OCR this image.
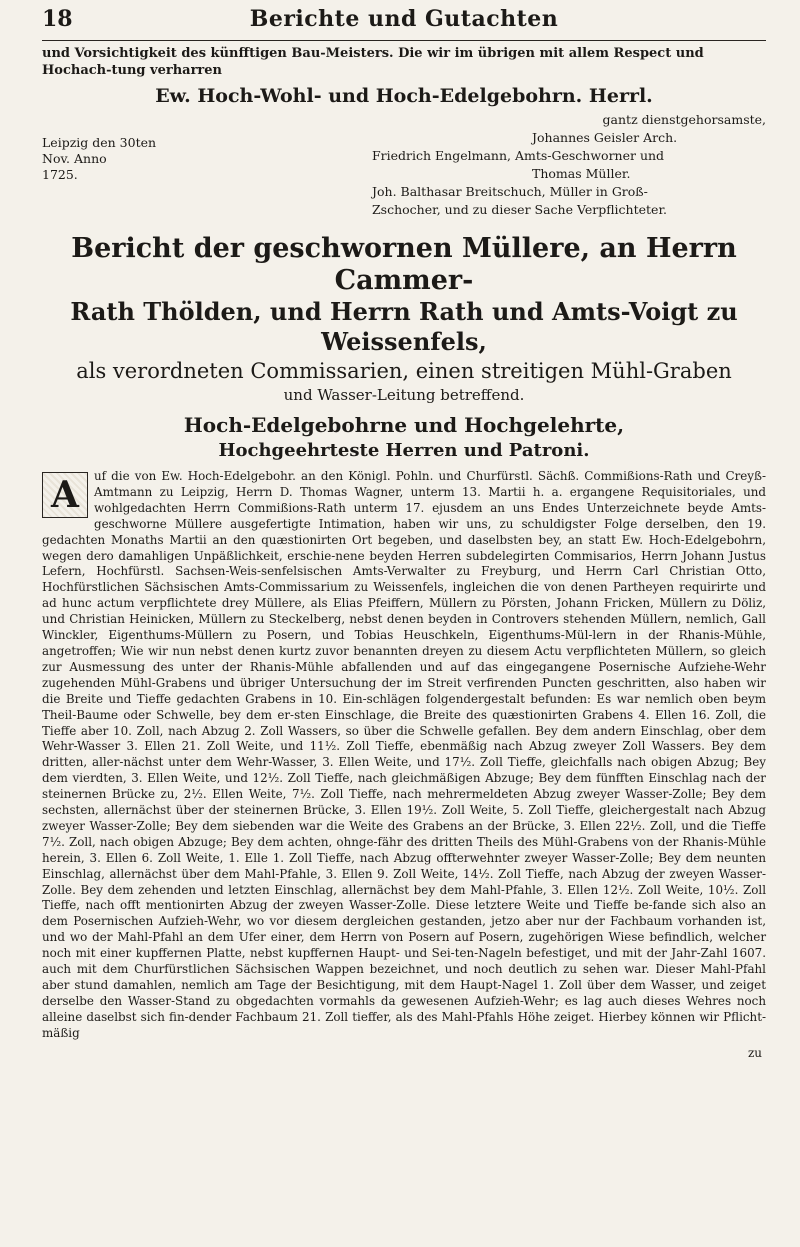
18	Berichte und Gutachten
und Vorsichtigkeit des künfftigen Bau-Meisters. Die wir im übrigen mit allem Respect und Hochach-tung verharren
Ew. Hoch-Wohl- und Hoch-Edelgebohrn. Herrl.
Leipzig den 30ten
Nov. Anno
1725.
gantz dienstgehorsamste,
Johannes Geisler Arch.
Friedrich Engelmann, Amts-Geschworner und
Thomas Müller.
Joh. Balthasar Breitschuch, Müller in Groß-
Zschocher, und zu dieser Sache Verpflichteter.
Bericht der geschwornen Müllere, an Herrn Cammer-
Rath Thölden, und Herrn Rath und Amts-Voigt zu Weissenfels,
als verordneten Commissarien, einen streitigen Mühl-Graben
und Wasser-Leitung betreffend.
Hoch-Edelgebohrne und Hochgelehrte,
Hochgeehrteste Herren und Patroni.
A	uf die von Ew. Hoch-Edelgebohr. an den Königl. Pohln. und Churfürstl. Sächß. Commißions-Rath und Creyß-Amtmann zu Leipzig, Herrn D. Thomas Wagner, unterm 13. Martii h. a. ergangene Requisitoriales, und wohlgedachten Herrn Commißions-Rath unterm 17. ejusdem an uns Endes Unterzeichnete beyde Amts-geschworne Müllere ausgefertigte Intimation, haben wir uns, zu schuldigster Folge derselben, den 19. gedachten Monaths Martii an den quæstionirten Ort begeben, und daselbsten bey, an statt Ew. Hoch-Edelgebohrn, wegen dero damahligen Unpäßlichkeit, erschie-nene beyden Herren subdelegirten Commisarios, Herrn Johann Justus Lefern, Hochfürstl. Sachsen-Weis-senfelsischen Amts-Verwalter zu Freyburg, und Herrn Carl Christian Otto, Hochfürstlichen Sächsischen Amts-Commissarium zu Weissenfels, ingleichen die von denen Partheyen requirirte und ad hunc actum verpflichtete drey Müllere, als Elias Pfeiffern, Müllern zu Pörsten, Johann Fricken, Müllern zu Döliz, und Christian Heinicken, Müllern zu Steckelberg, nebst denen beyden in Controvers stehenden Müllern, nemlich, Gall Winckler, Eigenthums-Müllern zu Posern, und Tobias Heuschkeln, Eigenthums-Mül-lern in der Rhanis-Mühle, angetroffen; Wie wir nun nebst denen kurtz zuvor benannten dreyen zu diesem Actu verpflichteten Müllern, so gleich zur Ausmessung des unter der Rhanis-Mühle abfallenden und auf das eingegangene Posernische Aufziehe-Wehr zugehenden Mühl-Grabens und übriger Untersuchung der im Streit verfirenden Puncten geschritten, also haben wir die Breite und Tieffe gedachten Grabens in 10. Ein-schlägen folgendergestalt befunden: Es war nemlich oben beym Theil-Baume oder Schwelle, bey dem er-sten Einschlage, die Breite des quæstionirten Grabens 4. Ellen 16. Zoll, die Tieffe aber 10. Zoll, nach Abzug 2. Zoll Wassers, so über die Schwelle gefallen. Bey dem andern Einschlag, ober dem Wehr-Wasser 3. Ellen 21. Zoll Weite, und 11½. Zoll Tieffe, ebenmäßig nach Abzug zweyer Zoll Wassers. Bey dem dritten, aller-nächst unter dem Wehr-Wasser, 3. Ellen Weite, und 17½. Zoll Tieffe, gleichfalls nach obigen Abzug; Bey dem vierdten, 3. Ellen Weite, und 12½. Zoll Tieffe, nach gleichmäßigen Abzuge; Bey dem fünfften Einschlag nach der steinernen Brücke zu, 2½. Ellen Weite, 7½. Zoll Tieffe, nach mehrermeldeten Abzug zweyer Wasser-Zolle; Bey dem sechsten, allernächst über der steinernen Brücke, 3. Ellen 19½. Zoll Weite, 5. Zoll Tieffe, gleichergestalt nach Abzug zweyer Wasser-Zolle; Bey dem siebenden war die Weite des Grabens an der Brücke, 3. Ellen 22½. Zoll, und die Tieffe 7½. Zoll, nach obigen Abzuge; Bey dem achten, ohnge-fähr des dritten Theils des Mühl-Grabens von der Rhanis-Mühle herein, 3. Ellen 6. Zoll Weite, 1. Elle 1. Zoll Tieffe, nach Abzug offterwehnter zweyer Wasser-Zolle; Bey dem neunten Einschlag, allernächst über dem Mahl-Pfahle, 3. Ellen 9. Zoll Weite, 14½. Zoll Tieffe, nach Abzug der zweyen Wasser-Zolle. Bey dem zehenden und letzten Einschlag, allernächst bey dem Mahl-Pfahle, 3. Ellen 12½. Zoll Weite, 10½. Zoll Tieffe, nach offt mentionirten Abzug der zweyen Wasser-Zolle. Diese letztere Weite und Tieffe be-fande sich also an dem Posernischen Aufzieh-Wehr, wo vor diesem dergleichen gestanden, jetzo aber nur der Fachbaum vorhanden ist, und wo der Mahl-Pfahl an dem Ufer einer, dem Herrn von Posern auf Posern, zugehörigen Wiese befindlich, welcher noch mit einer kupffernen Platte, nebst kupffernen Haupt- und Sei-ten-Nageln befestiget, und mit der Jahr-Zahl 1607. auch mit dem Churfürstlichen Sächsischen Wappen bezeichnet, und noch deutlich zu sehen war. Dieser Mahl-Pfahl aber stund damahlen, nemlich am Tage der Besichtigung, mit dem Haupt-Nagel 1. Zoll über dem Wasser, und zeiget derselbe den Wasser-Stand zu obgedachten vormahls da gewesenen Aufzieh-Wehr; es lag auch dieses Wehres noch alleine daselbst sich fin-dender Fachbaum 21. Zoll tieffer, als des Mahl-Pfahls Höhe zeiget. Hierbey können wir Pflicht-mäßig

zu
